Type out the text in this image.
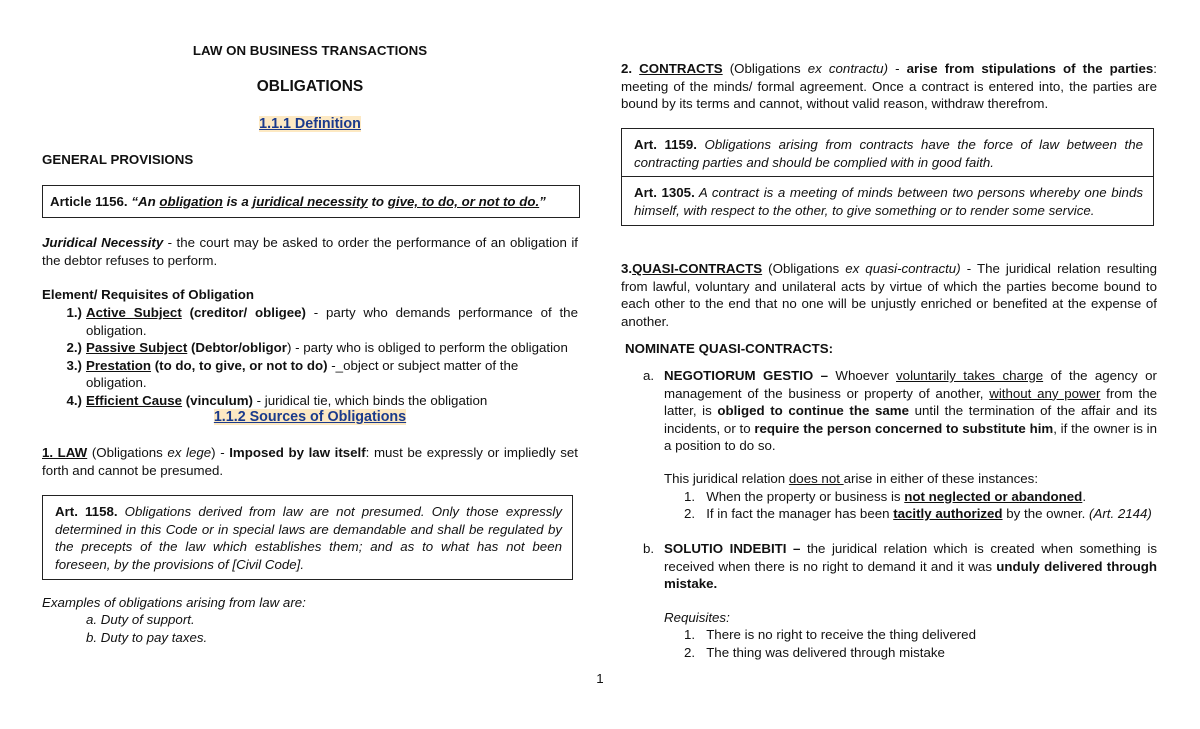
LAW ON BUSINESS TRANSACTIONS
OBLIGATIONS
1.1.1 Definition
GENERAL PROVISIONS
Article 1156. “An obligation is a juridical necessity to give, to do, or not to do.”
Juridical Necessity - the court may be asked to order the performance of an obligation if the debtor refuses to perform.
Element/ Requisites of Obligation
1.) Active Subject (creditor/ obligee) - party who demands performance of the obligation.
2.) Passive Subject (Debtor/obligor) - party who is obliged to perform the obligation
3.) Prestation (to do, to give, or not to do) -_object or subject matter of the obligation.
4.) Efficient Cause (vinculum) - juridical tie, which binds the obligation
1.1.2 Sources of Obligations
1. LAW (Obligations ex lege) - Imposed by law itself: must be expressly or impliedly set forth and cannot be presumed.
Art. 1158. Obligations derived from law are not presumed. Only those expressly determined in this Code or in special laws are demandable and shall be regulated by the precepts of the law which establishes them; and as to what has not been foreseen, by the provisions of [Civil Code].
Examples of obligations arising from law are:
a. Duty of support.
b. Duty to pay taxes.
1
2. CONTRACTS (Obligations ex contractu) - arise from stipulations of the parties: meeting of the minds/ formal agreement. Once a contract is entered into, the parties are bound by its terms and cannot, without valid reason, withdraw therefrom.
Art. 1159. Obligations arising from contracts have the force of law between the contracting parties and should be complied with in good faith.
Art. 1305. A contract is a meeting of minds between two persons whereby one binds himself, with respect to the other, to give something or to render some service.
3.QUASI-CONTRACTS (Obligations ex quasi-contractu) - The juridical relation resulting from lawful, voluntary and unilateral acts by virtue of which the parties become bound to each other to the end that no one will be unjustly enriched or benefited at the expense of another.
NOMINATE QUASI-CONTRACTS:
a. NEGOTIORUM GESTIO – Whoever voluntarily takes charge of the agency or management of the business or property of another, without any power from the latter, is obliged to continue the same until the termination of the affair and its incidents, or to require the person concerned to substitute him, if the owner is in a position to do so.
This juridical relation does not arise in either of these instances:
1. When the property or business is not neglected or abandoned.
2. If in fact the manager has been tacitly authorized by the owner. (Art. 2144)
b. SOLUTIO INDEBITI – the juridical relation which is created when something is received when there is no right to demand it and it was unduly delivered through mistake.
Requisites:
1. There is no right to receive the thing delivered
2. The thing was delivered through mistake
